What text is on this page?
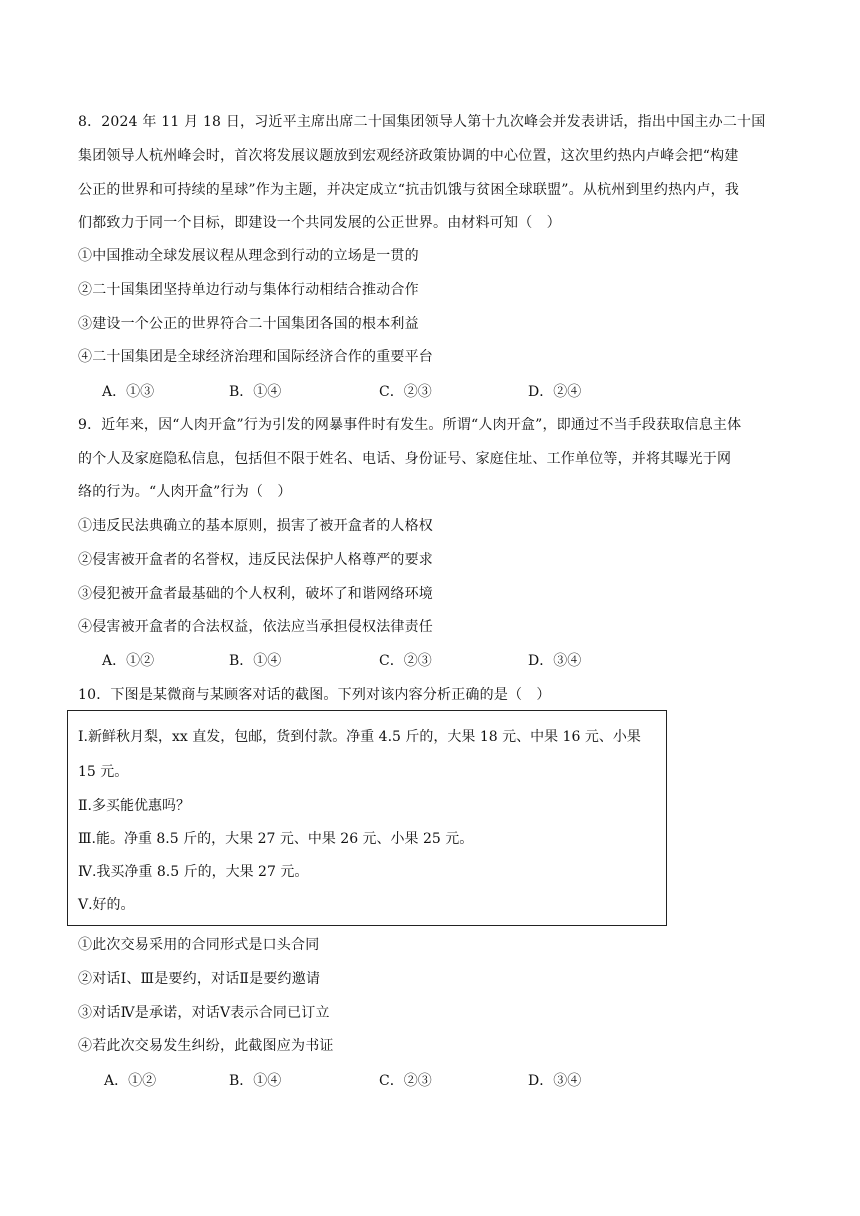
8．2024 年 11 月 18 日，习近平主席出席二十国集团领导人第十九次峰会并发表讲话，指出中国主办二十国
集团领导人杭州峰会时，首次将发展议题放到宏观经济政策协调的中心位置，这次里约热内卢峰会把“构建
公正的世界和可持续的星球”作为主题，并决定成立“抗击饥饿与贫困全球联盟”。从杭州到里约热内卢，我
们都致力于同一个目标，即建设一个共同发展的公正世界。由材料可知（　）
①中国推动全球发展议程从理念到行动的立场是一贯的
②二十国集团坚持单边行动与集体行动相结合推动合作
③建设一个公正的世界符合二十国集团各国的根本利益
④二十国集团是全球经济治理和国际经济合作的重要平台
A．①③	B．①④	C．②③	D．②④
9．近年来，因“人肉开盒”行为引发的网暴事件时有发生。所谓“人肉开盒”，即通过不当手段获取信息主体
的个人及家庭隐私信息，包括但不限于姓名、电话、身份证号、家庭住址、工作单位等，并将其曝光于网
络的行为。“人肉开盒”行为（　）
①违反民法典确立的基本原则，损害了被开盒者的人格权
②侵害被开盒者的名誉权，违反民法保护人格尊严的要求
③侵犯被开盒者最基础的个人权利，破坏了和谐网络环境
④侵害被开盒者的合法权益，依法应当承担侵权法律责任
A．①②	B．①④	C．②③	D．③④
10．下图是某微商与某顾客对话的截图。下列对该内容分析正确的是（　）
Ⅰ.新鲜秋月梨，xx 直发，包邮，货到付款。净重 4.5 斤的，大果 18 元、中果 16 元、小果
15 元。
Ⅱ.多买能优惠吗？
Ⅲ.能。净重 8.5 斤的，大果 27 元、中果 26 元、小果 25 元。
Ⅳ.我买净重 8.5 斤的，大果 27 元。
Ⅴ.好的。
①此次交易采用的合同形式是口头合同
②对话Ⅰ、Ⅲ是要约，对话Ⅱ是要约邀请
③对话Ⅳ是承诺，对话Ⅴ表示合同已订立
④若此次交易发生纠纷，此截图应为书证
A．①②	B．①④	C．②③	D．③④
